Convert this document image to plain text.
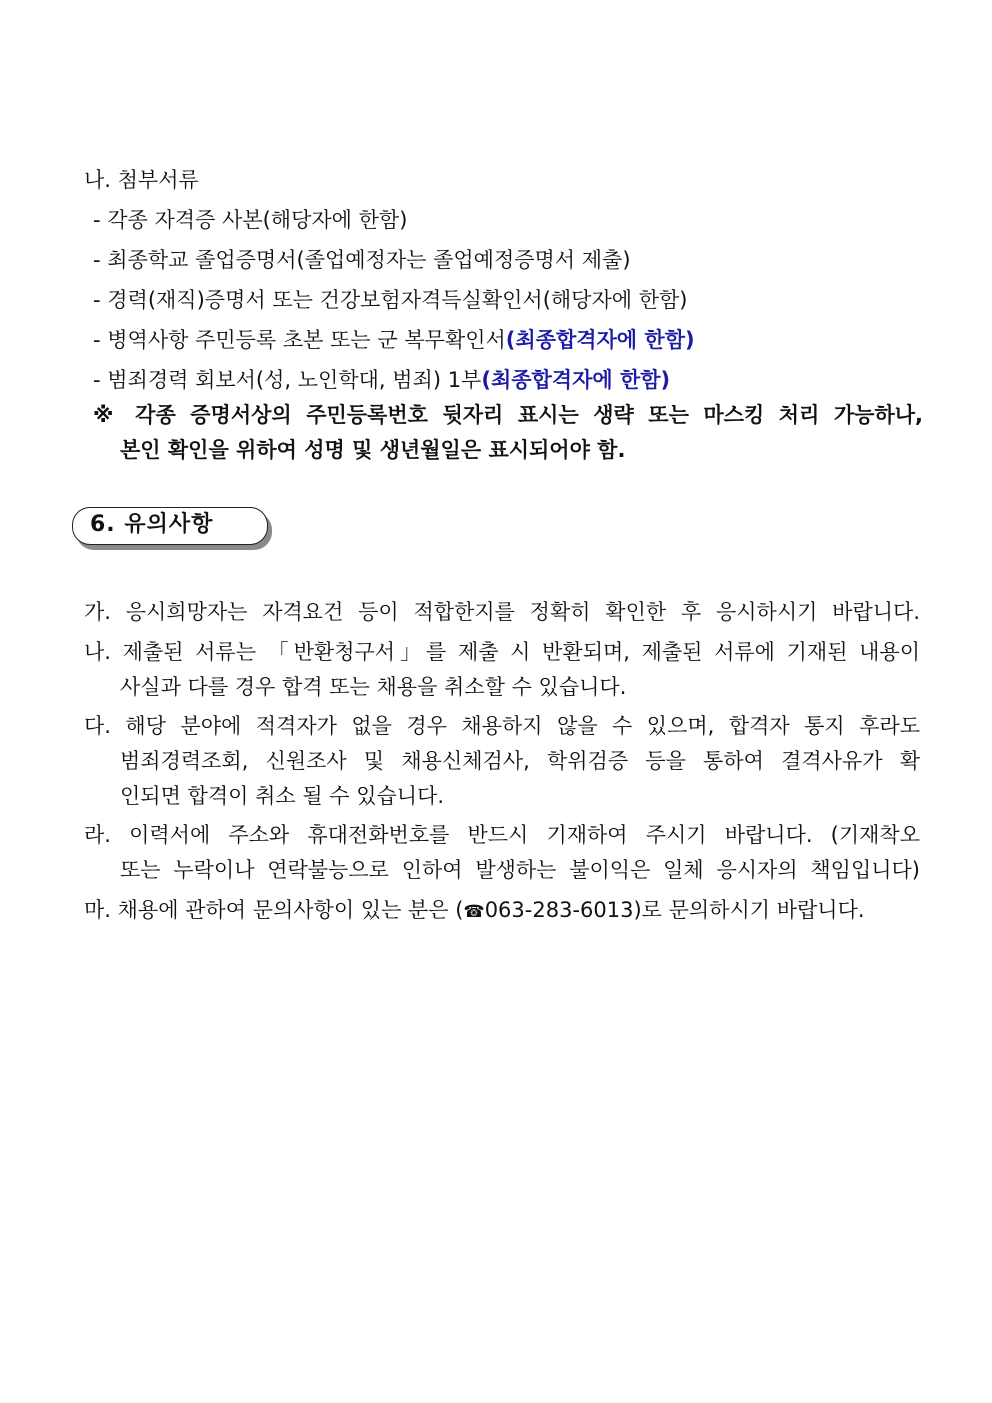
나. 첨부서류
- 각종 자격증 사본(해당자에 한함)
- 최종학교 졸업증명서(졸업예정자는 졸업예정증명서 제출)
- 경력(재직)증명서 또는 건강보험자격득실확인서(해당자에 한함)
- 병역사항 주민등록 초본 또는 군 복무확인서(최종합격자에 한함)
- 범죄경력 회보서(성, 노인학대, 범죄) 1부(최종합격자에 한함)
※ 각종 증명서상의 주민등록번호 뒷자리 표시는 생략 또는 마스킹 처리 가능하나,
본인 확인을 위하여 성명 및 생년월일은 표시되어야 함.
6. 유의사항
가. 응시희망자는 자격요건 등이 적합한지를 정확히 확인한 후 응시하시기 바랍니다.
나. 제출된 서류는 「반환청구서」를 제출 시 반환되며, 제출된 서류에 기재된 내용이
사실과 다를 경우 합격 또는 채용을 취소할 수 있습니다.
다. 해당 분야에 적격자가 없을 경우 채용하지 않을 수 있으며, 합격자 통지 후라도
범죄경력조회, 신원조사 및 채용신체검사, 학위검증 등을 통하여 결격사유가 확
인되면 합격이 취소 될 수 있습니다.
라. 이력서에 주소와 휴대전화번호를 반드시 기재하여 주시기 바랍니다. (기재착오
또는 누락이나 연락불능으로 인하여 발생하는 불이익은 일체 응시자의 책임입니다)
마. 채용에 관하여 문의사항이 있는 분은 (☎063-283-6013)로 문의하시기 바랍니다.
